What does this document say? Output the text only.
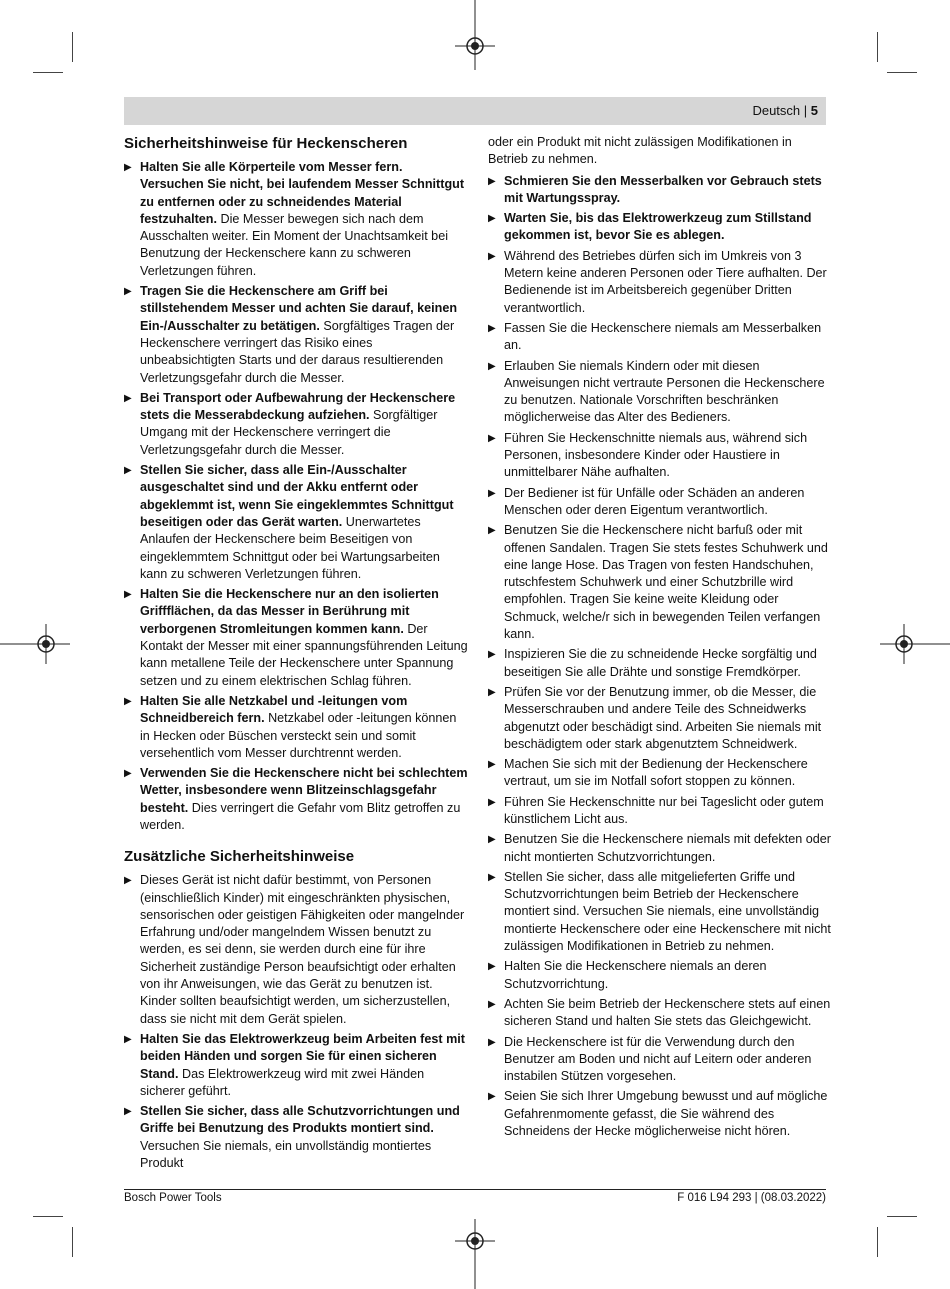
Deutsch | 5
Sicherheitshinweise für Heckenscheren
▶ Halten Sie alle Körperteile vom Messer fern. Versuchen Sie nicht, bei laufendem Messer Schnittgut zu entfernen oder zu schneidendes Material festzuhalten. Die Messer bewegen sich nach dem Ausschalten weiter. Ein Moment der Unachtsamkeit bei Benutzung der Heckenschere kann zu schweren Verletzungen führen.
▶ Tragen Sie die Heckenschere am Griff bei stillstehendem Messer und achten Sie darauf, keinen Ein-/Ausschalter zu betätigen. Sorgfältiges Tragen der Heckenschere verringert das Risiko eines unbeabsichtigten Starts und der daraus resultierenden Verletzungsgefahr durch die Messer.
▶ Bei Transport oder Aufbewahrung der Heckenschere stets die Messerabdeckung aufziehen. Sorgfältiger Umgang mit der Heckenschere verringert die Verletzungsgefahr durch die Messer.
▶ Stellen Sie sicher, dass alle Ein-/Ausschalter ausgeschaltet sind und der Akku entfernt oder abgeklemmt ist, wenn Sie eingeklemmtes Schnittgut beseitigen oder das Gerät warten. Unerwartetes Anlaufen der Heckenschere beim Beseitigen von eingeklemmtem Schnittgut oder bei Wartungsarbeiten kann zu schweren Verletzungen führen.
▶ Halten Sie die Heckenschere nur an den isolierten Griffflächen, da das Messer in Berührung mit verborgenen Stromleitungen kommen kann. Der Kontakt der Messer mit einer spannungsführenden Leitung kann metallene Teile der Heckenschere unter Spannung setzen und zu einem elektrischen Schlag führen.
▶ Halten Sie alle Netzkabel und -leitungen vom Schneidbereich fern. Netzkabel oder -leitungen können in Hecken oder Büschen versteckt sein und somit versehentlich vom Messer durchtrennt werden.
▶ Verwenden Sie die Heckenschere nicht bei schlechtem Wetter, insbesondere wenn Blitzeinschlagsgefahr besteht. Dies verringert die Gefahr vom Blitz getroffen zu werden.
Zusätzliche Sicherheitshinweise
▶ Dieses Gerät ist nicht dafür bestimmt, von Personen (einschließlich Kinder) mit eingeschränkten physischen, sensorischen oder geistigen Fähigkeiten oder mangelnder Erfahrung und/oder mangelndem Wissen benutzt zu werden, es sei denn, sie werden durch eine für ihre Sicherheit zuständige Person beaufsichtigt oder erhalten von ihr Anweisungen, wie das Gerät zu benutzen ist.
Kinder sollten beaufsichtigt werden, um sicherzustellen, dass sie nicht mit dem Gerät spielen.
▶ Halten Sie das Elektrowerkzeug beim Arbeiten fest mit beiden Händen und sorgen Sie für einen sicheren Stand. Das Elektrowerkzeug wird mit zwei Händen sicherer geführt.
▶ Stellen Sie sicher, dass alle Schutzvorrichtungen und Griffe bei Benutzung des Produkts montiert sind. Versuchen Sie niemals, ein unvollständig montiertes Produkt
oder ein Produkt mit nicht zulässigen Modifikationen in Betrieb zu nehmen.
▶ Schmieren Sie den Messerbalken vor Gebrauch stets mit Wartungsspray.
▶ Warten Sie, bis das Elektrowerkzeug zum Stillstand gekommen ist, bevor Sie es ablegen.
▶ Während des Betriebes dürfen sich im Umkreis von 3 Metern keine anderen Personen oder Tiere aufhalten. Der Bedienende ist im Arbeitsbereich gegenüber Dritten verantwortlich.
▶ Fassen Sie die Heckenschere niemals am Messerbalken an.
▶ Erlauben Sie niemals Kindern oder mit diesen Anweisungen nicht vertraute Personen die Heckenschere zu benutzen. Nationale Vorschriften beschränken möglicherweise das Alter des Bedieners.
▶ Führen Sie Heckenschnitte niemals aus, während sich Personen, insbesondere Kinder oder Haustiere in unmittelbarer Nähe aufhalten.
▶ Der Bediener ist für Unfälle oder Schäden an anderen Menschen oder deren Eigentum verantwortlich.
▶ Benutzen Sie die Heckenschere nicht barfuß oder mit offenen Sandalen. Tragen Sie stets festes Schuhwerk und eine lange Hose. Das Tragen von festen Handschuhen, rutschfestem Schuhwerk und einer Schutzbrille wird empfohlen. Tragen Sie keine weite Kleidung oder Schmuck, welche/r sich in bewegenden Teilen verfangen kann.
▶ Inspizieren Sie die zu schneidende Hecke sorgfältig und beseitigen Sie alle Drähte und sonstige Fremdkörper.
▶ Prüfen Sie vor der Benutzung immer, ob die Messer, die Messerschrauben und andere Teile des Schneidwerks abgenutzt oder beschädigt sind. Arbeiten Sie niemals mit beschädigtem oder stark abgenutztem Schneidwerk.
▶ Machen Sie sich mit der Bedienung der Heckenschere vertraut, um sie im Notfall sofort stoppen zu können.
▶ Führen Sie Heckenschnitte nur bei Tageslicht oder gutem künstlichem Licht aus.
▶ Benutzen Sie die Heckenschere niemals mit defekten oder nicht montierten Schutzvorrichtungen.
▶ Stellen Sie sicher, dass alle mitgelieferten Griffe und Schutzvorrichtungen beim Betrieb der Heckenschere montiert sind. Versuchen Sie niemals, eine unvollständig montierte Heckenschere oder eine Heckenschere mit nicht zulässigen Modifikationen in Betrieb zu nehmen.
▶ Halten Sie die Heckenschere niemals an deren Schutzvorrichtung.
▶ Achten Sie beim Betrieb der Heckenschere stets auf einen sicheren Stand und halten Sie stets das Gleichgewicht.
▶ Die Heckenschere ist für die Verwendung durch den Benutzer am Boden und nicht auf Leitern oder anderen instabilen Stützen vorgesehen.
▶ Seien Sie sich Ihrer Umgebung bewusst und auf mögliche Gefahrenmomente gefasst, die Sie während des Schneidens der Hecke möglicherweise nicht hören.
Bosch Power Tools	F 016 L94 293 | (08.03.2022)
